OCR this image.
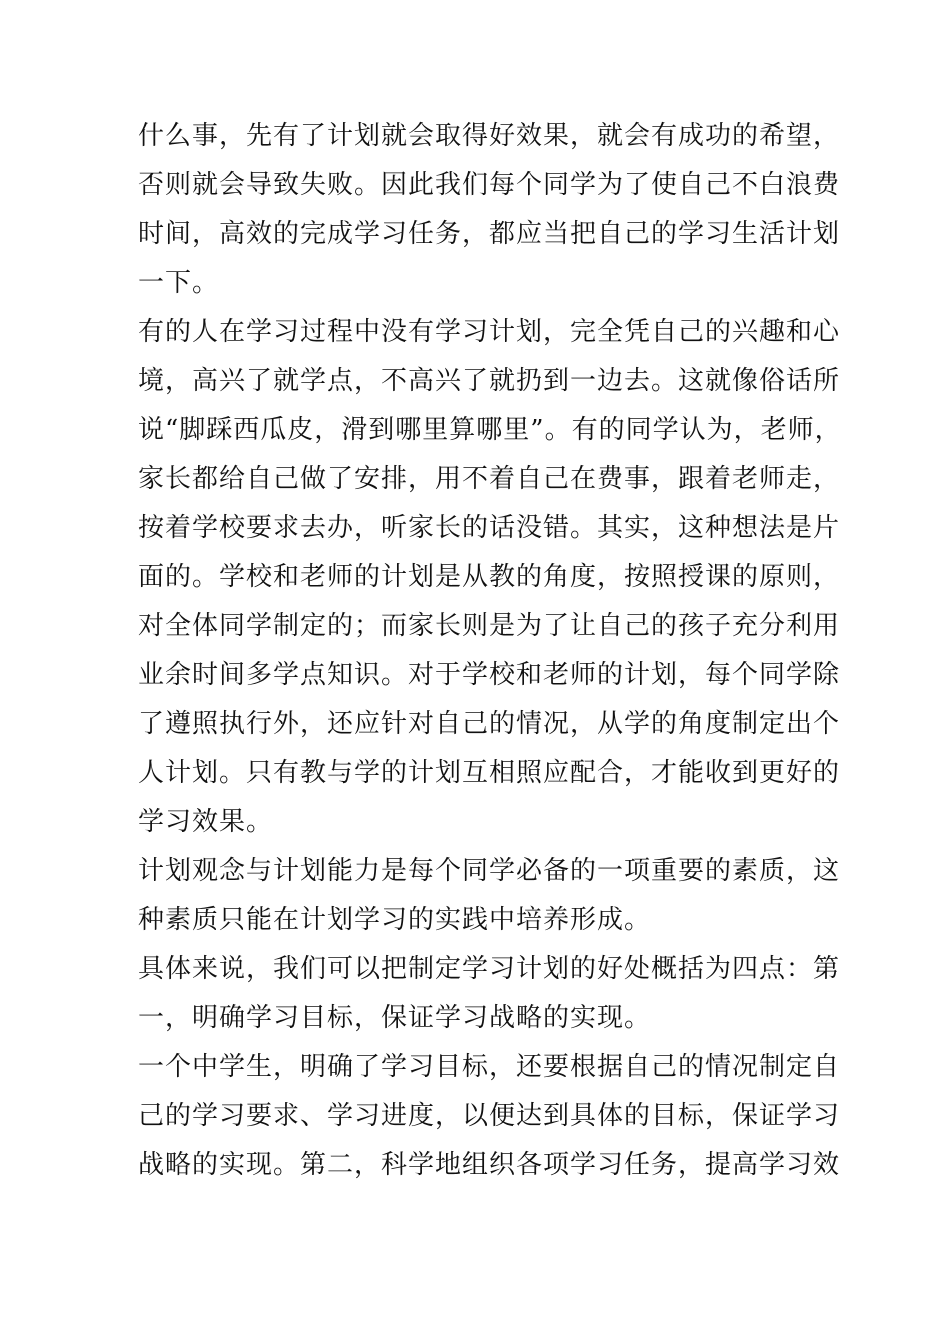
什么事，先有了计划就会取得好效果，就会有成功的希望，
否则就会导致失败。因此我们每个同学为了使自己不白浪费
时间，高效的完成学习任务，都应当把自己的学习生活计划
一下。
有的人在学习过程中没有学习计划，完全凭自己的兴趣和心
境，高兴了就学点，不高兴了就扔到一边去。这就像俗话所
说“脚踩西瓜皮，滑到哪里算哪里”。有的同学认为，老师，
家长都给自己做了安排，用不着自己在费事，跟着老师走，
按着学校要求去办，听家长的话没错。其实，这种想法是片
面的。学校和老师的计划是从教的角度，按照授课的原则，
对全体同学制定的；而家长则是为了让自己的孩子充分利用
业余时间多学点知识。对于学校和老师的计划，每个同学除
了遵照执行外，还应针对自己的情况，从学的角度制定出个
人计划。只有教与学的计划互相照应配合，才能收到更好的
学习效果。
计划观念与计划能力是每个同学必备的一项重要的素质，这
种素质只能在计划学习的实践中培养形成。
具体来说，我们可以把制定学习计划的好处概括为四点：第
一，明确学习目标，保证学习战略的实现。
一个中学生，明确了学习目标，还要根据自己的情况制定自
己的学习要求、学习进度，以便达到具体的目标，保证学习
战略的实现。第二，科学地组织各项学习任务，提高学习效
